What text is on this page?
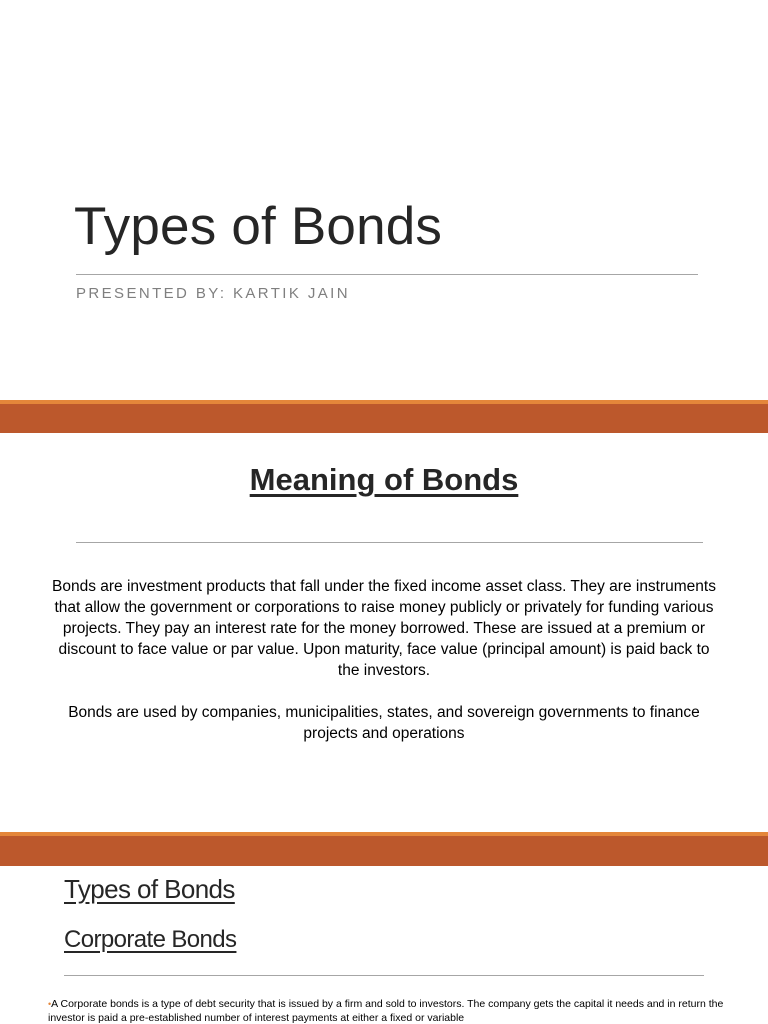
Types of Bonds
PRESENTED BY: KARTIK JAIN
Meaning of Bonds

Bonds are investment products that fall under the fixed income asset class. They are instruments that allow the government or corporations to raise money publicly or privately for funding various projects. They pay an interest rate for the money borrowed. These are issued at a premium or discount to face value or par value. Upon maturity, face value (principal amount) is paid back to the investors.

Bonds are used by companies, municipalities, states, and sovereign governments to finance projects and operations

Types of Bonds
Corporate Bonds
•A Corporate bonds is a type of debt security that is issued by a firm and sold to investors. The company gets the capital it needs and in return the investor is paid a pre-established number of interest payments at either a fixed or variable
